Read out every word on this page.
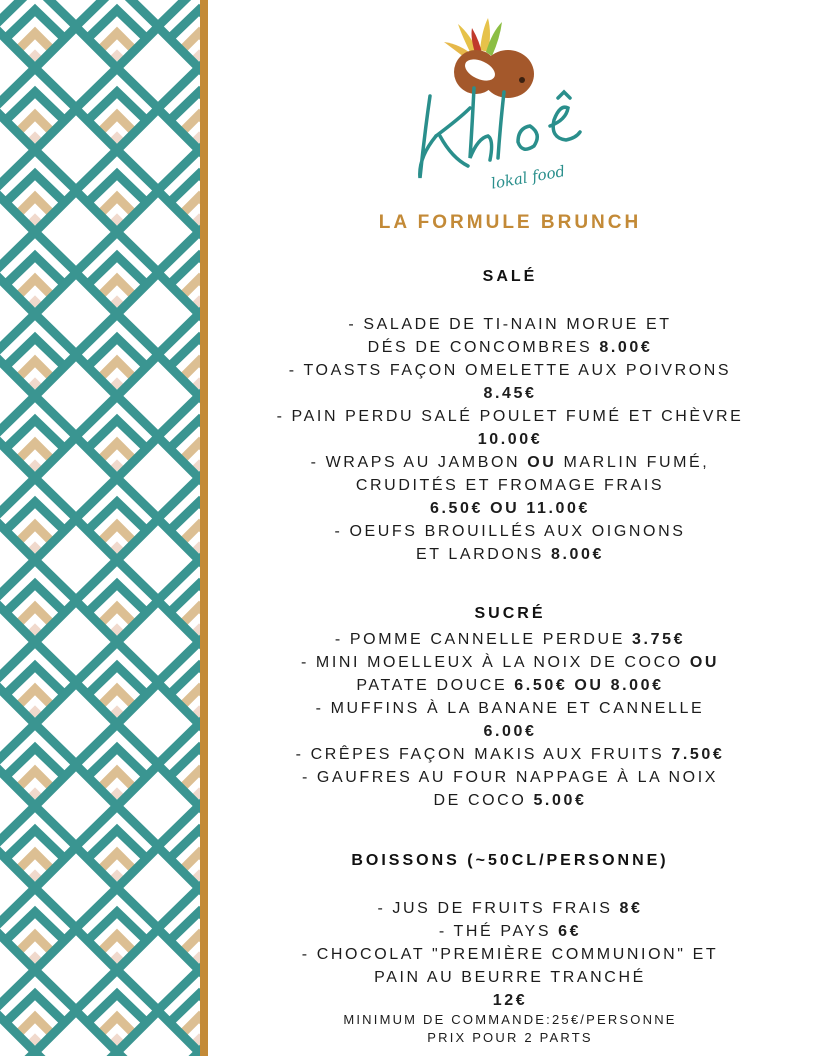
lokal food
LA FORMULE BRUNCH
SALÉ
- SALADE DE TI-NAIN MORUE ET
DÉS DE CONCOMBRES 8.00€
- TOASTS FAÇON OMELETTE AUX POIVRONS
8.45€
- PAIN PERDU SALÉ POULET FUMÉ ET CHÈVRE
10.00€
- WRAPS AU JAMBON OU MARLIN FUMÉ,
CRUDITÉS ET FROMAGE FRAIS
6.50€ OU 11.00€
- OEUFS BROUILLÉS AUX OIGNONS
ET LARDONS 8.00€
SUCRÉ
- POMME CANNELLE PERDUE 3.75€
- MINI MOELLEUX À LA NOIX DE COCO OU
PATATE DOUCE 6.50€ OU 8.00€
- MUFFINS À LA BANANE ET CANNELLE
6.00€
- CRÊPES FAÇON MAKIS AUX FRUITS 7.50€
- GAUFRES AU FOUR NAPPAGE À LA NOIX
DE COCO 5.00€
BOISSONS (~50CL/PERSONNE)
- JUS DE FRUITS FRAIS 8€
- THÉ PAYS 6€
- CHOCOLAT "PREMIÈRE COMMUNION" ET
PAIN AU BEURRE TRANCHÉ
12€
MINIMUM DE COMMANDE:25€/PERSONNE
PRIX POUR 2 PARTS
